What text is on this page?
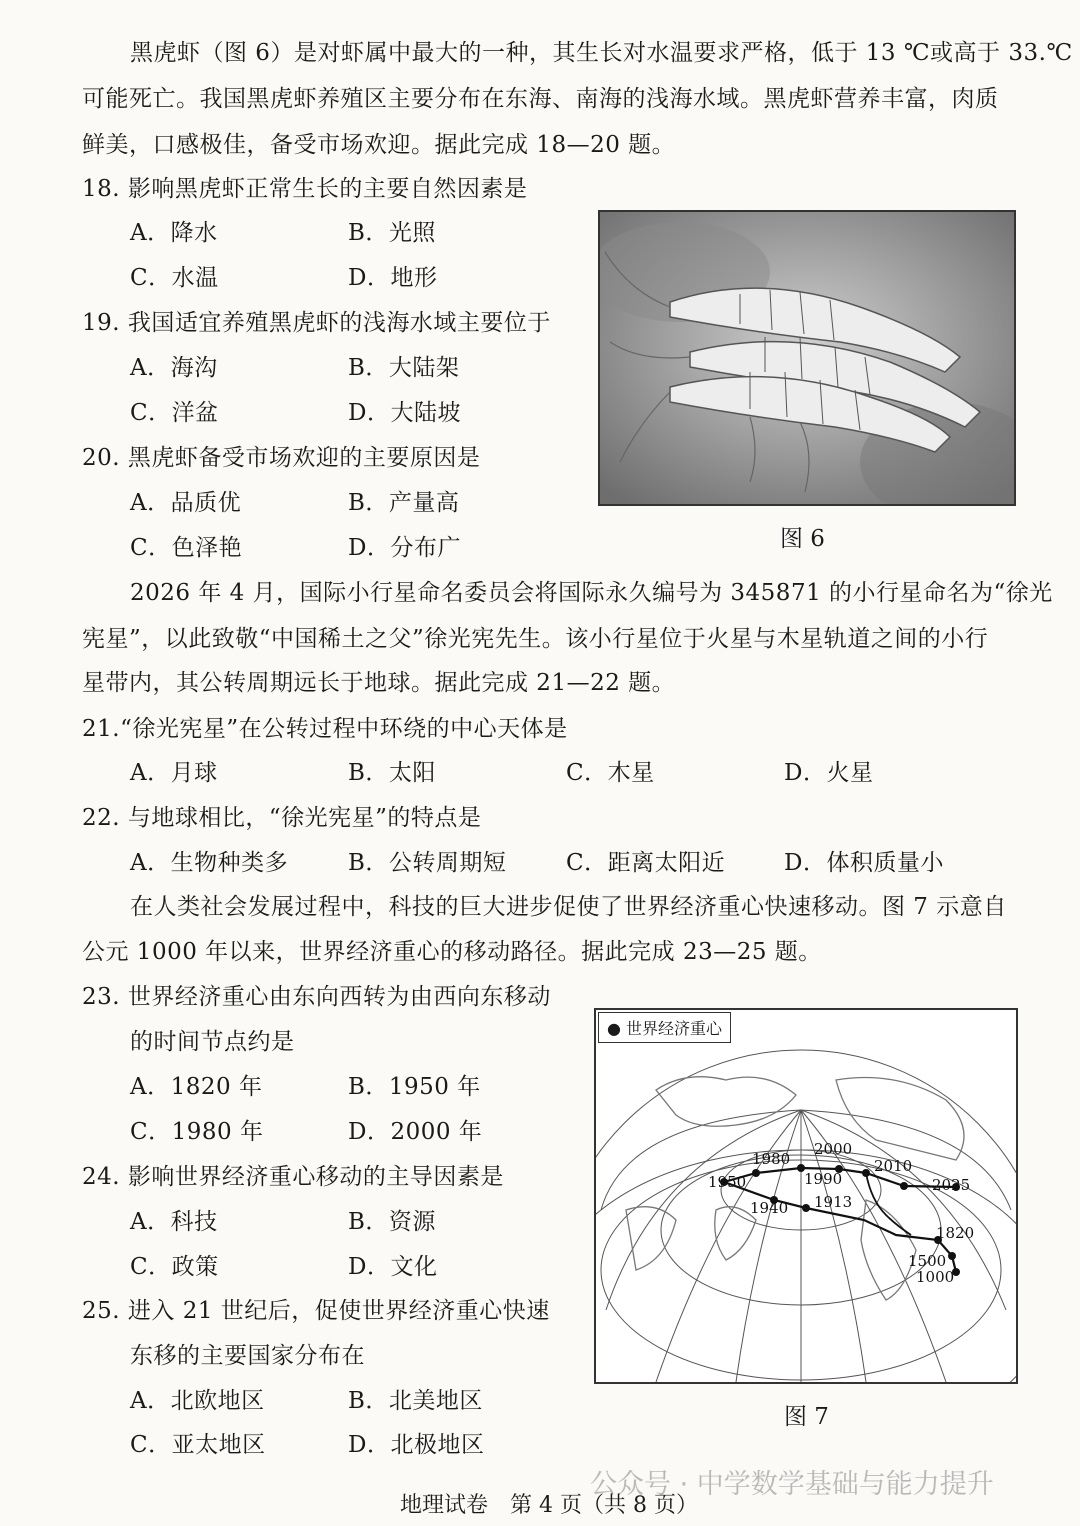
黑虎虾（图 6）是对虾属中最大的一种，其生长对水温要求严格，低于 13 ℃或高于 33.℃
可能死亡。我国黑虎虾养殖区主要分布在东海、南海的浅海水域。黑虎虾营养丰富，肉质
鲜美，口感极佳，备受市场欢迎。据此完成 18—20 题。
18. 影响黑虎虾正常生长的主要自然因素是
A．降水	B．光照
C．水温	D．地形
19. 我国适宜养殖黑虎虾的浅海水域主要位于
A．海沟	B．大陆架
C．洋盆	D．大陆坡
20. 黑虎虾备受市场欢迎的主要原因是
A．品质优	B．产量高
C．色泽艳	D．分布广	图 6
2026 年 4 月，国际小行星命名委员会将国际永久编号为 345871 的小行星命名为“徐光
宪星”，以此致敬“中国稀土之父”徐光宪先生。该小行星位于火星与木星轨道之间的小行
星带内，其公转周期远长于地球。据此完成 21—22 题。
21.“徐光宪星”在公转过程中环绕的中心天体是
A．月球	B．太阳	C．木星	D．火星
22. 与地球相比，“徐光宪星”的特点是
A．生物种类多	B．公转周期短	C．距离太阳近	D．体积质量小
在人类社会发展过程中，科技的巨大进步促使了世界经济重心快速移动。图 7 示意自
公元 1000 年以来，世界经济重心的移动路径。据此完成 23—25 题。
23. 世界经济重心由东向西转为由西向东移动
的时间节点约是
A．1820 年	B．1950 年
C．1980 年	D．2000 年
24. 影响世界经济重心移动的主导因素是
A．科技	B．资源
C．政策	D．文化
25. 进入 21 世纪后，促使世界经济重心快速
东移的主要国家分布在
A．北欧地区	B．北美地区
C．亚太地区	D．北极地区
1950
1980
2000
2010
2025
1990
1913
1940
1820
1500
1000
● 世界经济重心
图 7
公众号 · 中学数学基础与能力提升
地理试卷　第 4 页（共 8 页）
